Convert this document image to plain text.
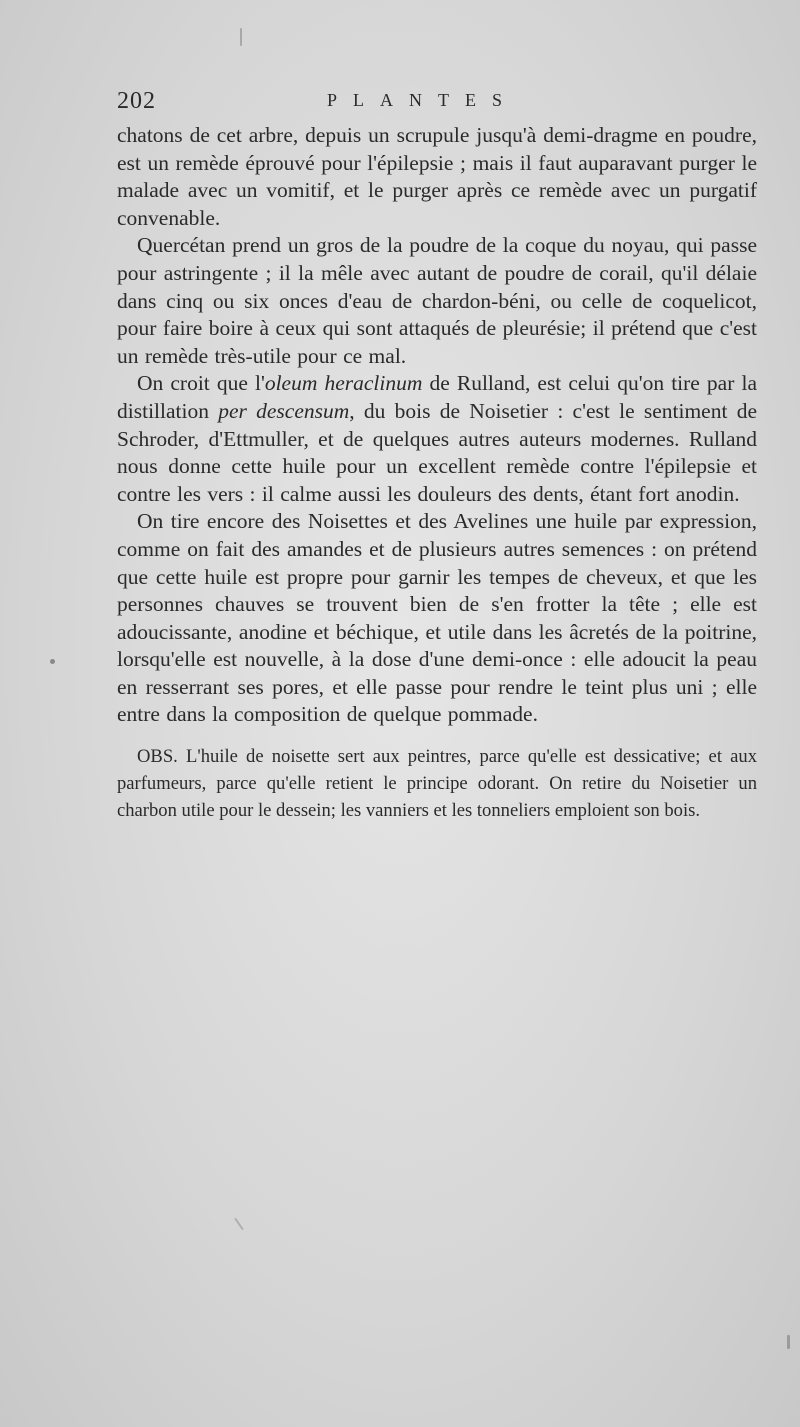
202	PLANTES

chatons de cet arbre, depuis un scrupule jusqu'à demi-dragme en poudre, est un remède éprouvé pour l'épilepsie ; mais il faut auparavant purger le malade avec un vomitif, et le purger après ce remède avec un purgatif convenable.

Quercétan prend un gros de la poudre de la coque du noyau, qui passe pour astringente ; il la mêle avec autant de poudre de corail, qu'il délaie dans cinq ou six onces d'eau de chardon-béni, ou celle de coquelicot, pour faire boire à ceux qui sont attaqués de pleurésie; il prétend que c'est un remède très-utile pour ce mal.

On croit que l'oleum heraclinum de Rulland, est celui qu'on tire par la distillation per descensum, du bois de Noisetier : c'est le sentiment de Schroder, d'Ettmuller, et de quelques autres auteurs modernes. Rulland nous donne cette huile pour un excellent remède contre l'épilepsie et contre les vers : il calme aussi les douleurs des dents, étant fort anodin.

On tire encore des Noisettes et des Avelines une huile par expression, comme on fait des amandes et de plusieurs autres semences : on prétend que cette huile est propre pour garnir les tempes de cheveux, et que les personnes chauves se trouvent bien de s'en frotter la tête ; elle est adoucissante, anodine et béchique, et utile dans les âcretés de la poitrine, lorsqu'elle est nouvelle, à la dose d'une demi-once : elle adoucit la peau en resserrant ses pores, et elle passe pour rendre le teint plus uni ; elle entre dans la composition de quelque pommade.

OBS. L'huile de noisette sert aux peintres, parce qu'elle est dessicative; et aux parfumeurs, parce qu'elle retient le principe odorant. On retire du Noisetier un charbon utile pour le dessein; les vanniers et les tonneliers emploient son bois.
